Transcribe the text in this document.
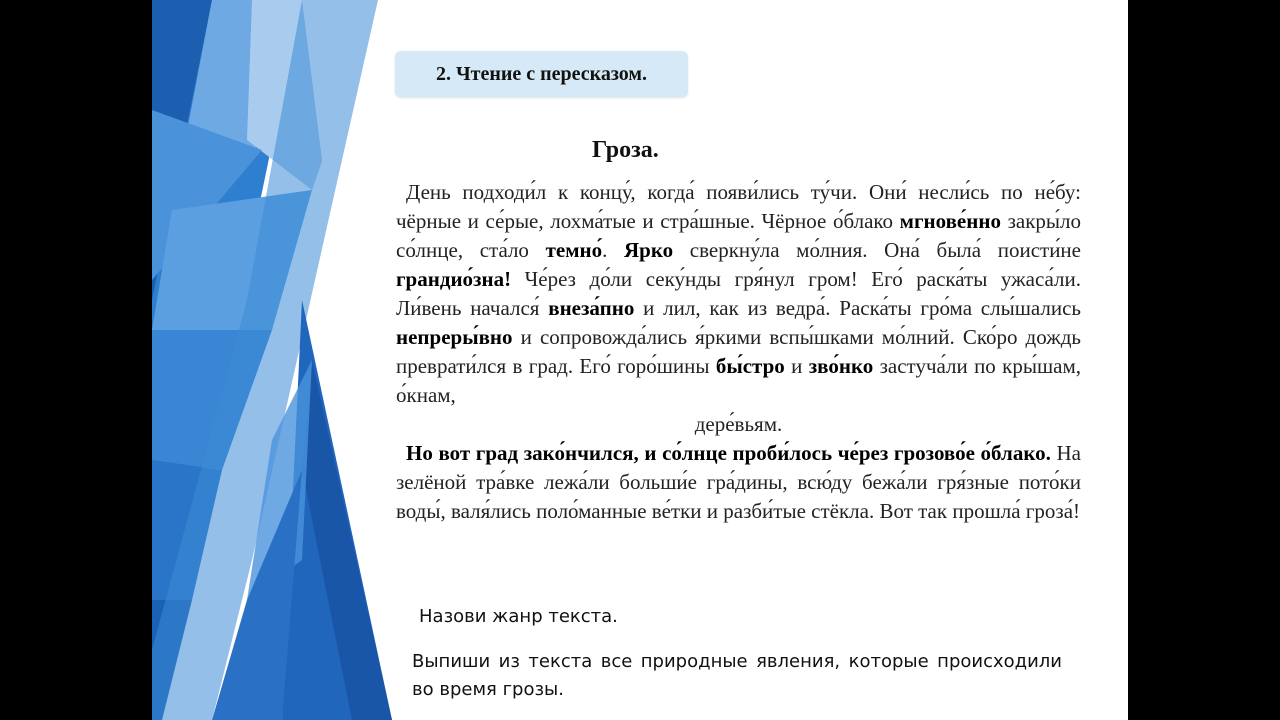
2. Чтение с пересказом.
Гроза.

День подходи́л к концу́, когда́ появи́лись ту́чи. Они́ несли́сь по не́бу: чёрные и се́рые, лохма́тые и стра́шные. Чёрное о́блако мгнове́нно закры́ло со́лнце, ста́ло темно́. Ярко сверкну́ла мо́лния. Она́ была́ поисти́не грандио́зна! Че́рез до́ли секу́нды гря́нул гром! Его́ раска́ты ужаса́ли. Ли́вень начался́ внеза́пно и лил, как из ведра́. Раска́ты гро́ма слы́шались непреры́вно и сопровожда́лись я́ркими вспы́шками мо́лний. Ско́ро дождь преврати́лся в град. Его́ горо́шины бы́стро и зво́нко застуча́ли по кры́шам, о́кнам,

дере́вьям.

Но вот град зако́нчился, и со́лнце проби́лось че́рез грозово́е о́блако. На зелёной тра́вке лежа́ли больши́е гра́дины, всю́ду бежа́ли гря́зные пото́ки воды́, валя́лись поло́манные ве́тки и разби́тые стёкла. Вот так прошла́ гроза́!

Назови жанр текста.

Выпиши из текста все природные явления, которые происходили во время грозы.
